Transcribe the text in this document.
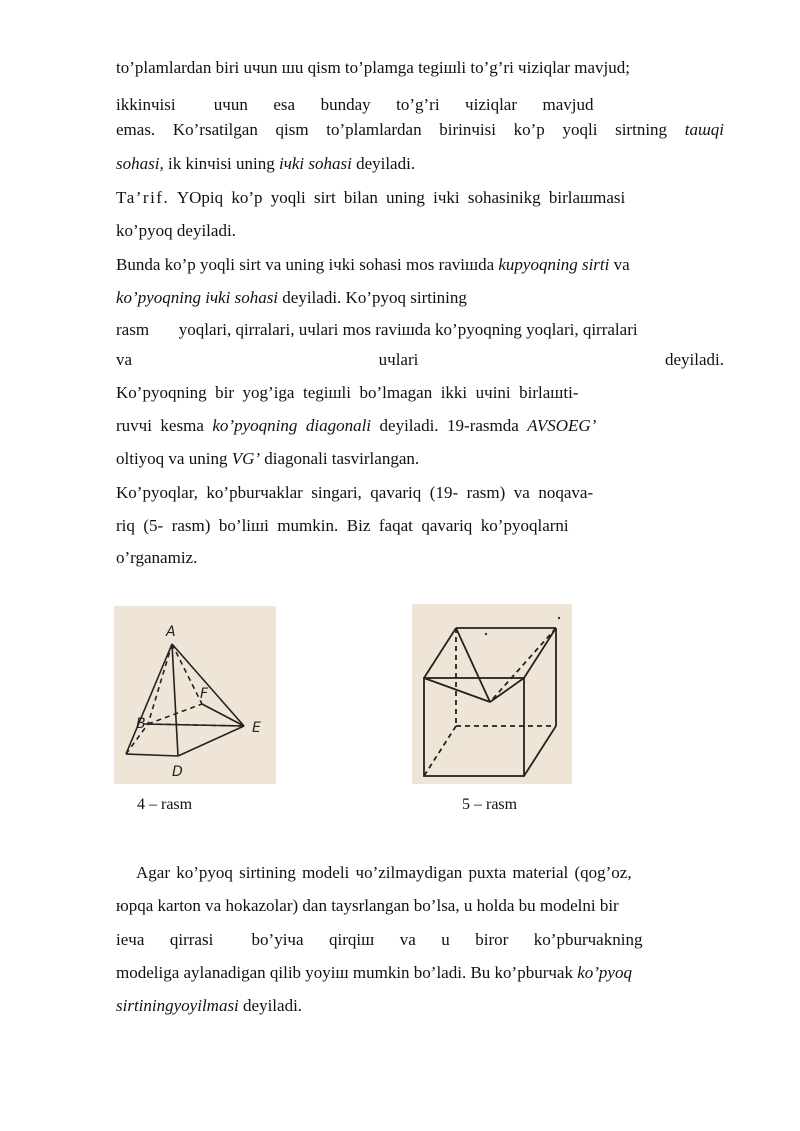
to’plamlardan biri uчun шu qism to’plamga tegiшli to’g’ri чiziqlar mavjud;
ikkinчisi         uчun      esa      bunday      to’g’ri      чiziqlar      mavjud
emas. Ko’rsatilgan qism to’plamlardan birinчisi ko’p yoqli sirtning taшqi
sohasi, ik kinчisi uning iчki sohasi deyiladi.
Ta’rif. YOpiq ko’p yoqli sirt bilan uning iчki sohasinikg birlaшmasi
ko’pyoq deyiladi.
Bunda ko’p yoqli sirt va uning iчki sohasi mos raviшda kupyoqning sirti va
ko’pyoqning iчki sohasi deyiladi. Ko’pyoq sirtining
rasm       yoqlari, qirralari, uчlari mos raviшda ko’pyoqning yoqlari, qirralari
va	uчlari	deyiladi.
Ko’pyoqning  bir  yog’iga  tegiшli  bo’lmagan  ikki  uчini  birlaшti-
ruvчi  kesma  ko’pyoqning  diagonali  deyiladi.  19-rasmda  AVSOEG’
oltiyoq va uning VG’ diagonali tasvirlangan.
Ko’pyoqlar,  ko’pburчaklar  singari,  qavariq  (19-  rasm)  va  noqava-
riq  (5-  rasm)  bo’liшi  mumkin.  Biz  faqat  qavariq  ko’pyoqlarni
o’rganamiz.
A
B
F
E
D
4 – rasm	5 – rasm
Agar ko’pyoq sirtining modeli чo’zilmaydigan puxta material (qog’oz,
юpqa karton va hokazolar) dan taysrlangan bo’lsa, u holda bu modelni bir
ieчa      qirrasi         bo’yiчa      qirqiш      va      u      biror      ko’pburчakning
modeliga aylanadigan qilib yoyiш mumkin bo’ladi. Bu ko’pburчak ko’pyoq
sirtiningyoyilmasi deyiladi.
